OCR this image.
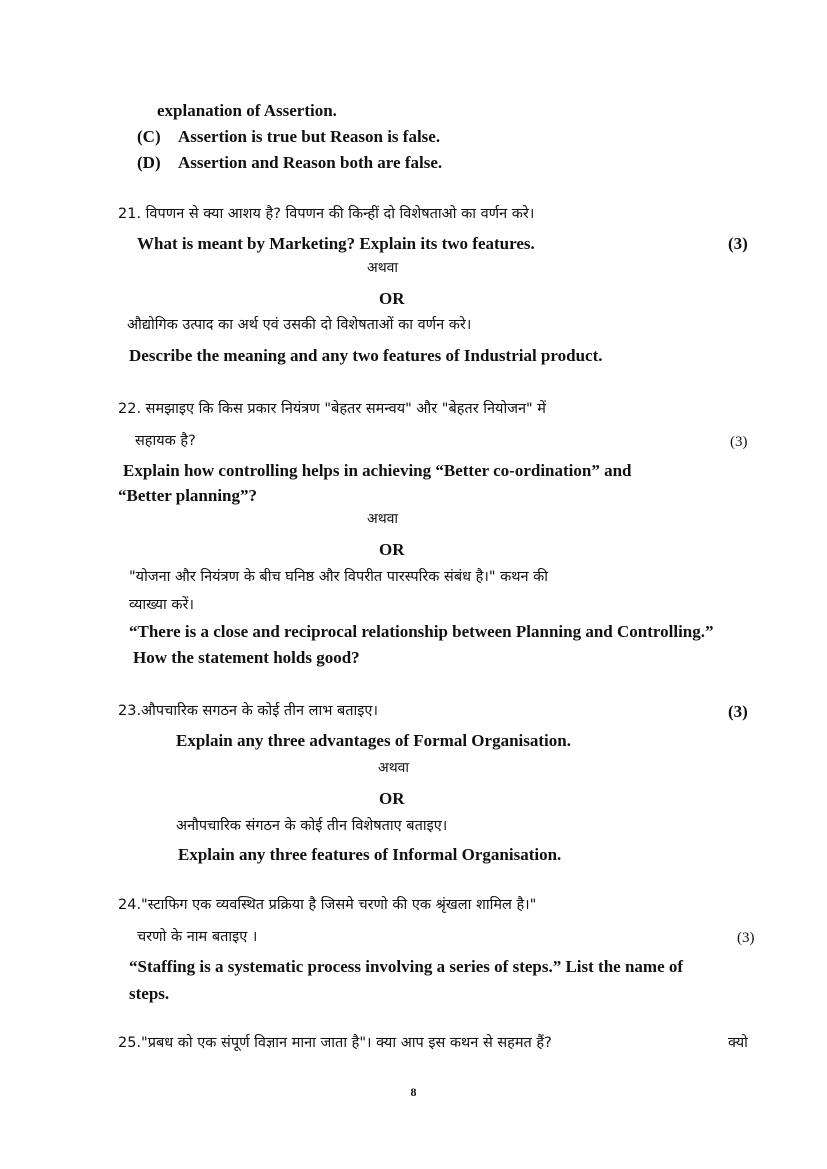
explanation of Assertion.
(C) Assertion is true but Reason is false.
(D) Assertion and Reason both are false.
21. विपणन से क्या आशय है? विपणन की किन्हीं दो विशेषताओ का वर्णन करे।
What is meant by Marketing? Explain its two features.	(3)
अथवा
OR
औद्योगिक उत्पाद का अर्थ एवं उसकी दो विशेषताओं का वर्णन करे।
Describe the meaning and any two features of Industrial product.
22. समझाइए कि किस प्रकार नियंत्रण "बेहतर समन्वय" और "बेहतर नियोजन" में
सहायक है?	(3)
Explain how controlling helps in achieving “Better co-ordination” and
“Better planning”?
अथवा
OR
"योजना और नियंत्रण के बीच घनिष्ठ और विपरीत पारस्परिक संबंध है।" कथन की
व्याख्या करें।
“There is a close and reciprocal relationship between Planning and Controlling.”
How the statement holds good?
23.औपचारिक सगठन के कोई तीन लाभ बताइए।	(3)
Explain any three advantages of Formal Organisation.
अथवा
OR
अनौपचारिक संगठन के कोई तीन विशेषताए बताइए।
Explain any three features of Informal Organisation.
24."स्टाफिग एक व्यवस्थित प्रक्रिया है जिसमे चरणो की एक श्रृंखला शामिल है।"
चरणो के नाम बताइए ।	(3)
“Staffing is a systematic process involving a series of steps.” List the name of
steps.
25."प्रबध को एक संपूर्ण विज्ञान माना जाता है"। क्या आप इस कथन से सहमत हैं?	क्यो
8
